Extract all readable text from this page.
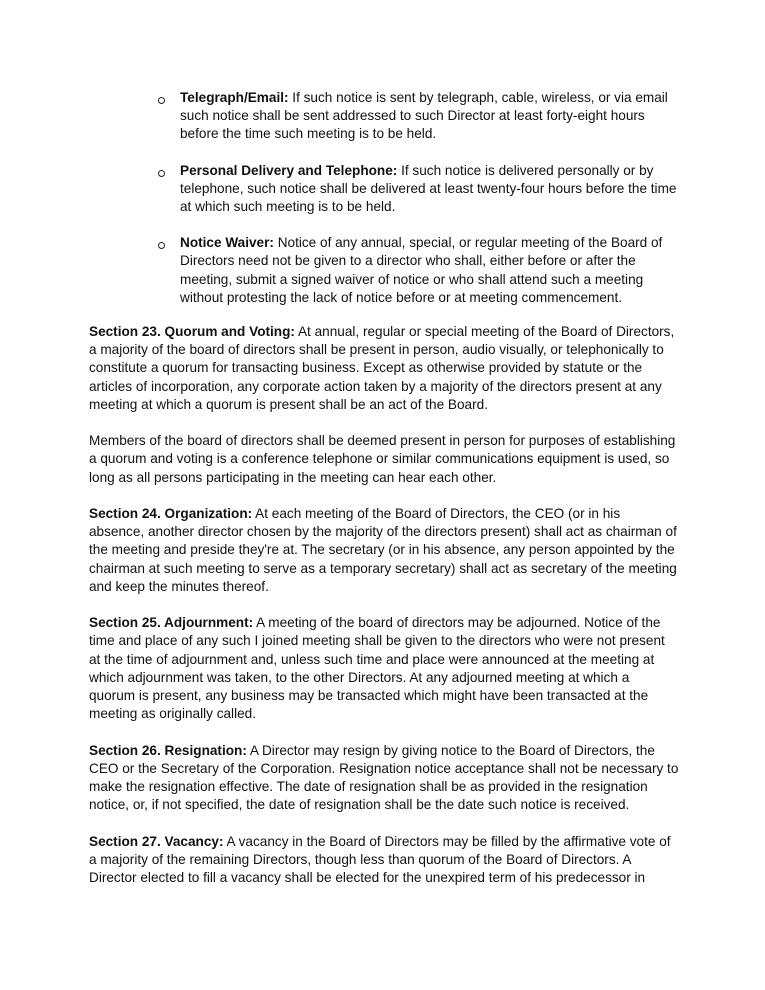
Telegraph/Email: If such notice is sent by telegraph, cable, wireless, or via email such notice shall be sent addressed to such Director at least forty-eight hours before the time such meeting is to be held.
Personal Delivery and Telephone: If such notice is delivered personally or by telephone, such notice shall be delivered at least twenty-four hours before the time at which such meeting is to be held.
Notice Waiver: Notice of any annual, special, or regular meeting of the Board of Directors need not be given to a director who shall, either before or after the meeting, submit a signed waiver of notice or who shall attend such a meeting without protesting the lack of notice before or at meeting commencement.

Section 23. Quorum and Voting: At annual, regular or special meeting of the Board of Directors, a majority of the board of directors shall be present in person, audio visually, or telephonically to constitute a quorum for transacting business. Except as otherwise provided by statute or the articles of incorporation, any corporate action taken by a majority of the directors present at any meeting at which a quorum is present shall be an act of the Board.

Members of the board of directors shall be deemed present in person for purposes of establishing a quorum and voting is a conference telephone or similar communications equipment is used, so long as all persons participating in the meeting can hear each other.

Section 24. Organization: At each meeting of the Board of Directors, the CEO (or in his absence, another director chosen by the majority of the directors present) shall act as chairman of the meeting and preside they're at. The secretary (or in his absence, any person appointed by the chairman at such meeting to serve as a temporary secretary) shall act as secretary of the meeting and keep the minutes thereof.

Section 25. Adjournment: A meeting of the board of directors may be adjourned. Notice of the time and place of any such I joined meeting shall be given to the directors who were not present at the time of adjournment and, unless such time and place were announced at the meeting at which adjournment was taken, to the other Directors. At any adjourned meeting at which a quorum is present, any business may be transacted which might have been transacted at the meeting as originally called.

Section 26. Resignation: A Director may resign by giving notice to the Board of Directors, the CEO or the Secretary of the Corporation. Resignation notice acceptance shall not be necessary to make the resignation effective. The date of resignation shall be as provided in the resignation notice, or, if not specified, the date of resignation shall be the date such notice is received.

Section 27. Vacancy: A vacancy in the Board of Directors may be filled by the affirmative vote of a majority of the remaining Directors, though less than quorum of the Board of Directors. A Director elected to fill a vacancy shall be elected for the unexpired term of his predecessor in
